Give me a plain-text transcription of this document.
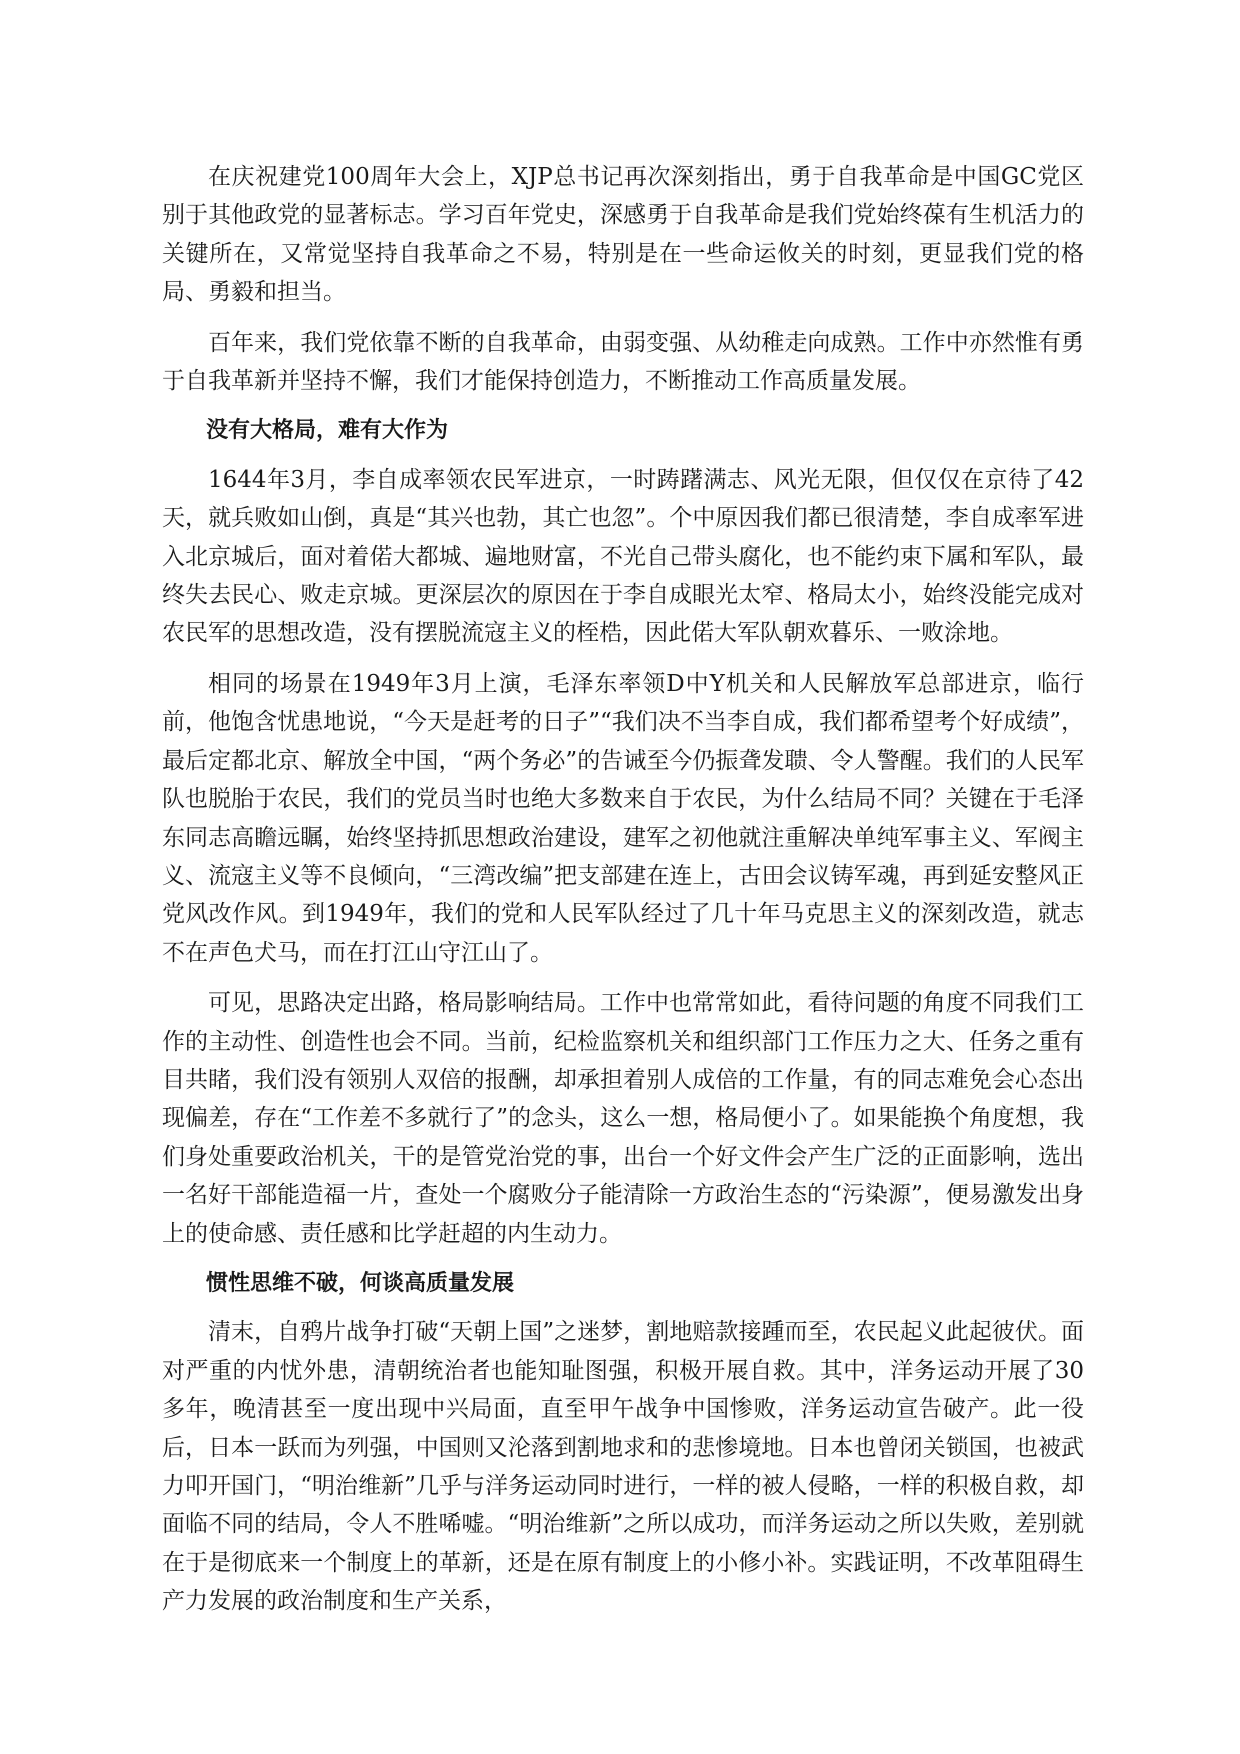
在庆祝建党100周年大会上，XJP总书记再次深刻指出，勇于自我革命是中国GC党区别于其他政党的显著标志。学习百年党史，深感勇于自我革命是我们党始终葆有生机活力的关键所在，又常觉坚持自我革命之不易，特别是在一些命运攸关的时刻，更显我们党的格局、勇毅和担当。

百年来，我们党依靠不断的自我革命，由弱变强、从幼稚走向成熟。工作中亦然惟有勇于自我革新并坚持不懈，我们才能保持创造力，不断推动工作高质量发展。

没有大格局，难有大作为

1644年3月，李自成率领农民军进京，一时踌躇满志、风光无限，但仅仅在京待了42天，就兵败如山倒，真是“其兴也勃，其亡也忽”。个中原因我们都已很清楚，李自成率军进入北京城后，面对着偌大都城、遍地财富，不光自己带头腐化，也不能约束下属和军队，最终失去民心、败走京城。更深层次的原因在于李自成眼光太窄、格局太小，始终没能完成对农民军的思想改造，没有摆脱流寇主义的桎梏，因此偌大军队朝欢暮乐、一败涂地。

相同的场景在1949年3月上演，毛泽东率领D中Y机关和人民解放军总部进京，临行前，他饱含忧患地说，“今天是赶考的日子”“我们决不当李自成，我们都希望考个好成绩”，最后定都北京、解放全中国，“两个务必”的告诫至今仍振聋发聩、令人警醒。我们的人民军队也脱胎于农民，我们的党员当时也绝大多数来自于农民，为什么结局不同？关键在于毛泽东同志高瞻远瞩，始终坚持抓思想政治建设，建军之初他就注重解决单纯军事主义、军阀主义、流寇主义等不良倾向，“三湾改编”把支部建在连上，古田会议铸军魂，再到延安整风正党风改作风。到1949年，我们的党和人民军队经过了几十年马克思主义的深刻改造，就志不在声色犬马，而在打江山守江山了。

可见，思路决定出路，格局影响结局。工作中也常常如此，看待问题的角度不同我们工作的主动性、创造性也会不同。当前，纪检监察机关和组织部门工作压力之大、任务之重有目共睹，我们没有领别人双倍的报酬，却承担着别人成倍的工作量，有的同志难免会心态出现偏差，存在“工作差不多就行了”的念头，这么一想，格局便小了。如果能换个角度想，我们身处重要政治机关，干的是管党治党的事，出台一个好文件会产生广泛的正面影响，选出一名好干部能造福一片，查处一个腐败分子能清除一方政治生态的“污染源”，便易激发出身上的使命感、责任感和比学赶超的内生动力。

惯性思维不破，何谈高质量发展

清末，自鸦片战争打破“天朝上国”之迷梦，割地赔款接踵而至，农民起义此起彼伏。面对严重的内忧外患，清朝统治者也能知耻图强，积极开展自救。其中，洋务运动开展了30多年，晚清甚至一度出现中兴局面，直至甲午战争中国惨败，洋务运动宣告破产。此一役后，日本一跃而为列强，中国则又沦落到割地求和的悲惨境地。日本也曾闭关锁国，也被武力叩开国门，“明治维新”几乎与洋务运动同时进行，一样的被人侵略，一样的积极自救，却面临不同的结局，令人不胜唏嘘。“明治维新”之所以成功，而洋务运动之所以失败，差别就在于是彻底来一个制度上的革新，还是在原有制度上的小修小补。实践证明，不改革阻碍生产力发展的政治制度和生产关系，
